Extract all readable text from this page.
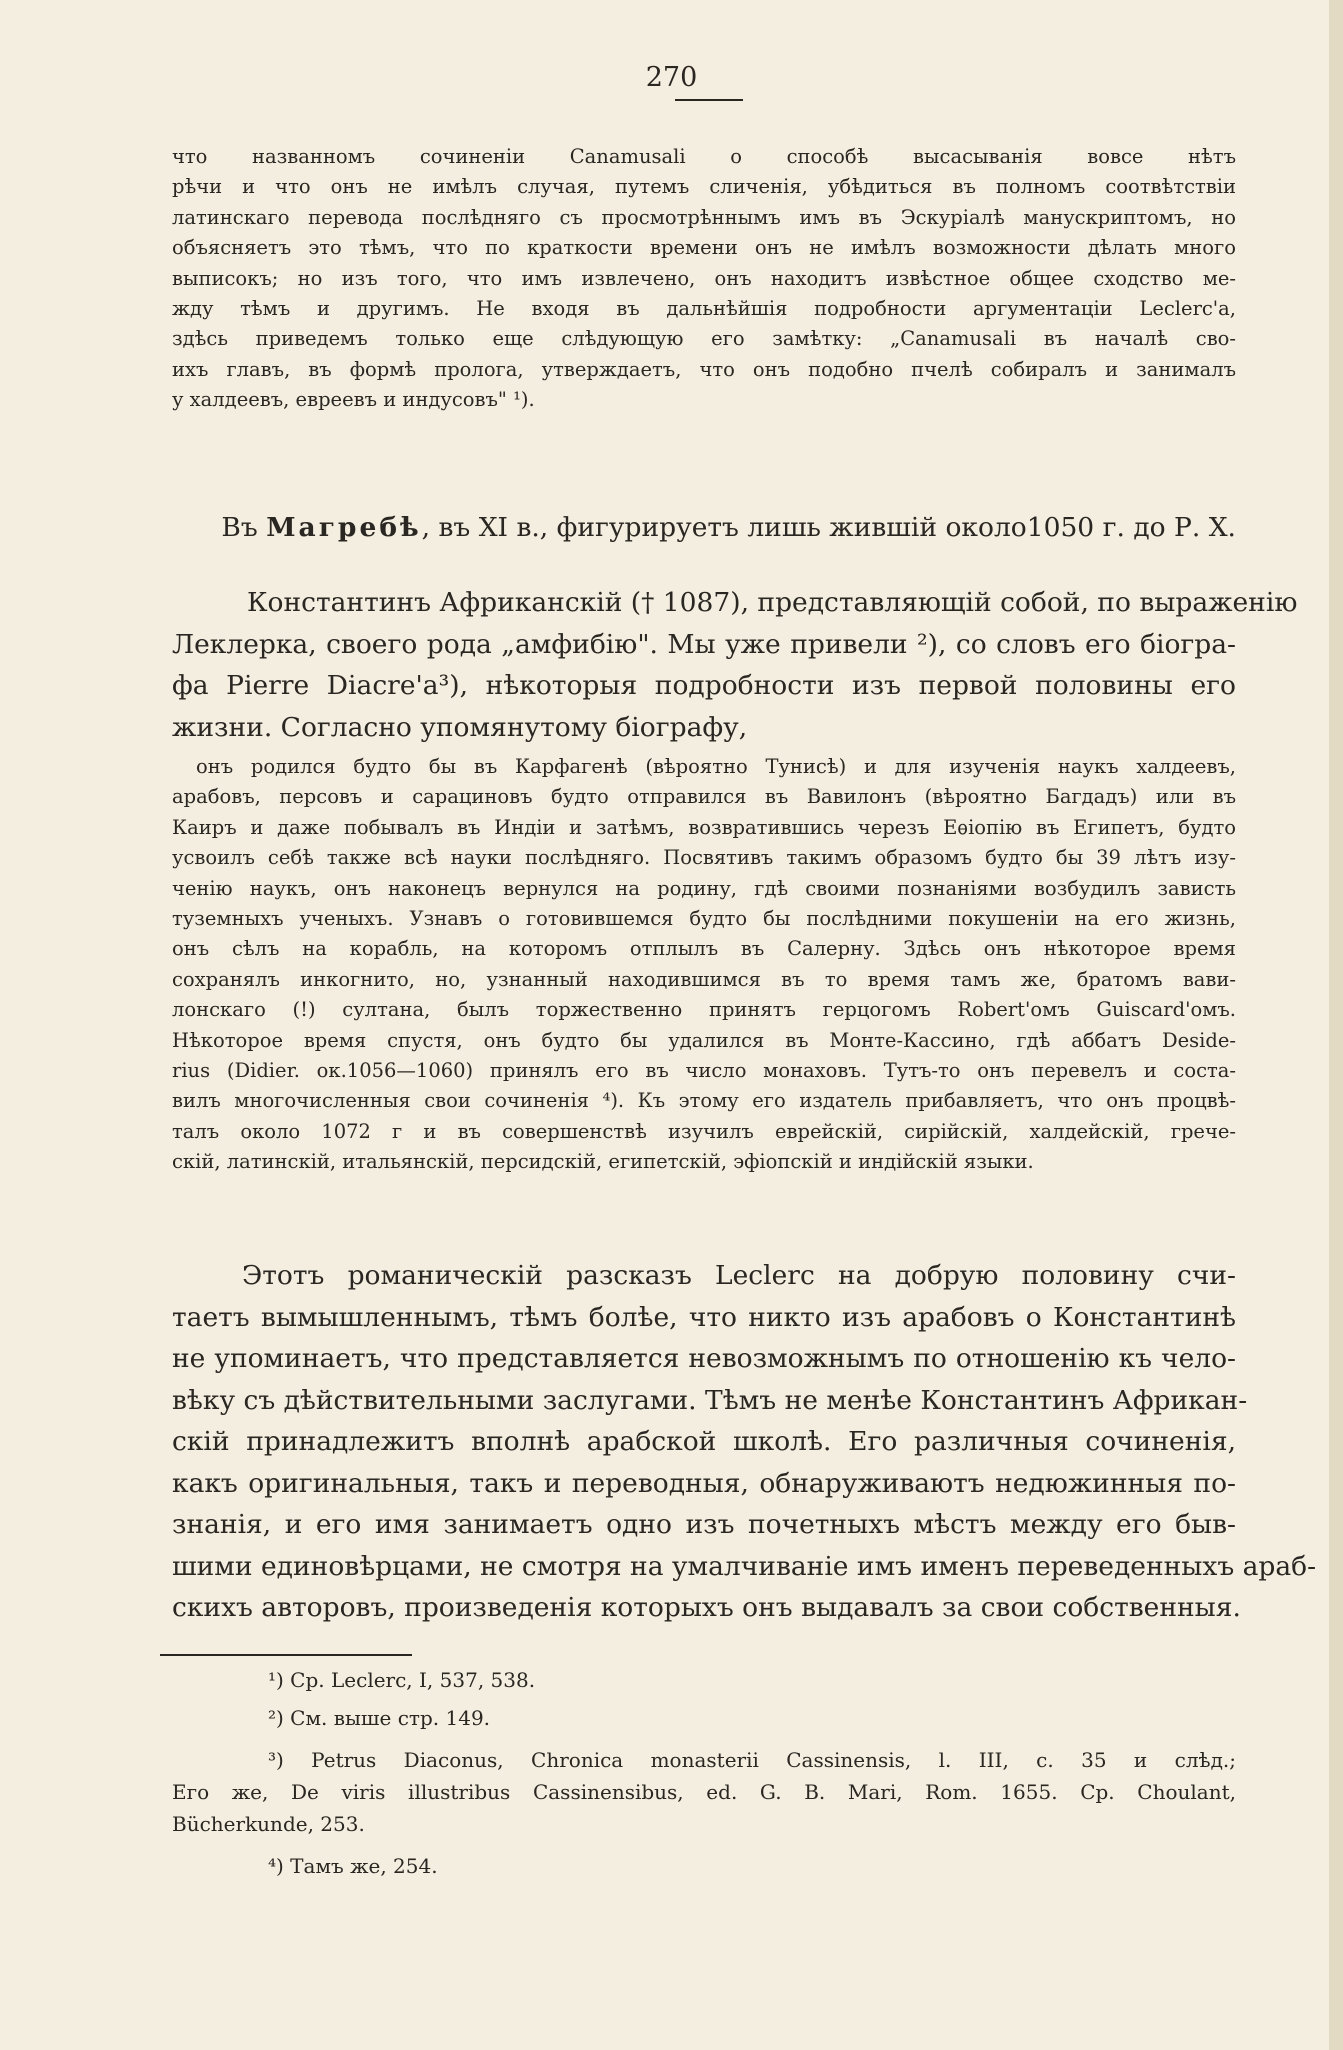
270
что названномъ сочиненіи Canamusali о способѣ высасыванія вовсе нѣтъ
рѣчи и что онъ не имѣлъ случая, путемъ сличенія, убѣдиться въ полномъ соотвѣтствіи
латинскаго перевода послѣдняго съ просмотрѣннымъ имъ въ Эскуріалѣ манускриптомъ, но
объясняетъ это тѣмъ, что по краткости времени онъ не имѣлъ возможности дѣлать много
выписокъ; но изъ того, что имъ извлечено, онъ находитъ извѣстное общее сходство ме-
жду тѣмъ и другимъ. Не входя въ дальнѣйшія подробности аргументаціи Leclerc'a,
здѣсь приведемъ только еще слѣдующую его замѣтку: „Canamusali въ началѣ сво-
ихъ главъ, въ формѣ пролога, утверждаетъ, что онъ подобно пчелѣ собиралъ и занималъ
у халдеевъ, евреевъ и индусовъ" ¹).
Въ Магребѣ, въ XI в., фигурируетъ лишь жившій около1050 г. до Р. Х.
Константинъ Африканскій († 1087), представляющій собой, по выраженію
Леклерка, своего рода „амфибію". Мы уже привели ²), со словъ его біогра-
фа Pierre Diacre'a³), нѣкоторыя подробности изъ первой половины его
жизни. Согласно упомянутому біографу,
онъ родился будто бы въ Карфагенѣ (вѣроятно Тунисѣ) и для изученія наукъ халдеевъ,
арабовъ, персовъ и сарациновъ будто отправился въ Вавилонъ (вѣроятно Багдадъ) или въ
Каиръ и даже побывалъ въ Индіи и затѣмъ, возвратившись черезъ Еѳіопію въ Египетъ, будто
усвоилъ себѣ также всѣ науки послѣдняго. Посвятивъ такимъ образомъ будто бы 39 лѣтъ изу-
ченію наукъ, онъ наконецъ вернулся на родину, гдѣ своими познаніями возбудилъ зависть
туземныхъ ученыхъ. Узнавъ о готовившемся будто бы послѣдними покушеніи на его жизнь,
онъ сѣлъ на корабль, на которомъ отплылъ въ Салерну. Здѣсь онъ нѣкоторое время
сохранялъ инкогнито, но, узнанный находившимся въ то время тамъ же, братомъ вави-
лонскаго (!) султана, былъ торжественно принятъ герцогомъ Robert'омъ Guiscard'омъ.
Нѣкоторое время спустя, онъ будто бы удалился въ Монте-Кассино, гдѣ аббатъ Deside-
rius (Didier. ок.1056—1060) принялъ его въ число монаховъ. Тутъ-то онъ перевелъ и соста-
вилъ многочисленныя свои сочиненія ⁴). Къ этому его издатель прибавляетъ, что онъ процвѣ-
талъ около 1072 г и въ совершенствѣ изучилъ еврейскій, сирійскій, халдейскій, грече-
скій, латинскій, итальянскій, персидскій, египетскій, эфіопскій и индійскій языки.
Этотъ романическій разсказъ Leclerc на добрую половину счи-
таетъ вымышленнымъ, тѣмъ болѣе, что никто изъ арабовъ о Константинѣ
не упоминаетъ, что представляется невозможнымъ по отношенію къ чело-
вѣку съ дѣйствительными заслугами. Тѣмъ не менѣе Константинъ Африкан-
скій принадлежитъ вполнѣ арабской школѣ. Его различныя сочиненія,
какъ оригинальныя, такъ и переводныя, обнаруживаютъ недюжинныя по-
знанія, и его имя занимаетъ одно изъ почетныхъ мѣстъ между его быв-
шими единовѣрцами, не смотря на умалчиваніе имъ именъ переведенныхъ араб-
скихъ авторовъ, произведенія которыхъ онъ выдавалъ за свои собственныя.
¹) Ср. Leclerc, I, 537, 538.
²) См. выше стр. 149.
³) Petrus Diaconus, Chronica monasterii Cassinensis, l. III, c. 35 и слѣд.;
Его же, De viris illustribus Cassinensibus, ed. G. B. Mari, Rom. 1655. Ср. Choulant,
Bücherkunde, 253.
⁴) Тамъ же, 254.
